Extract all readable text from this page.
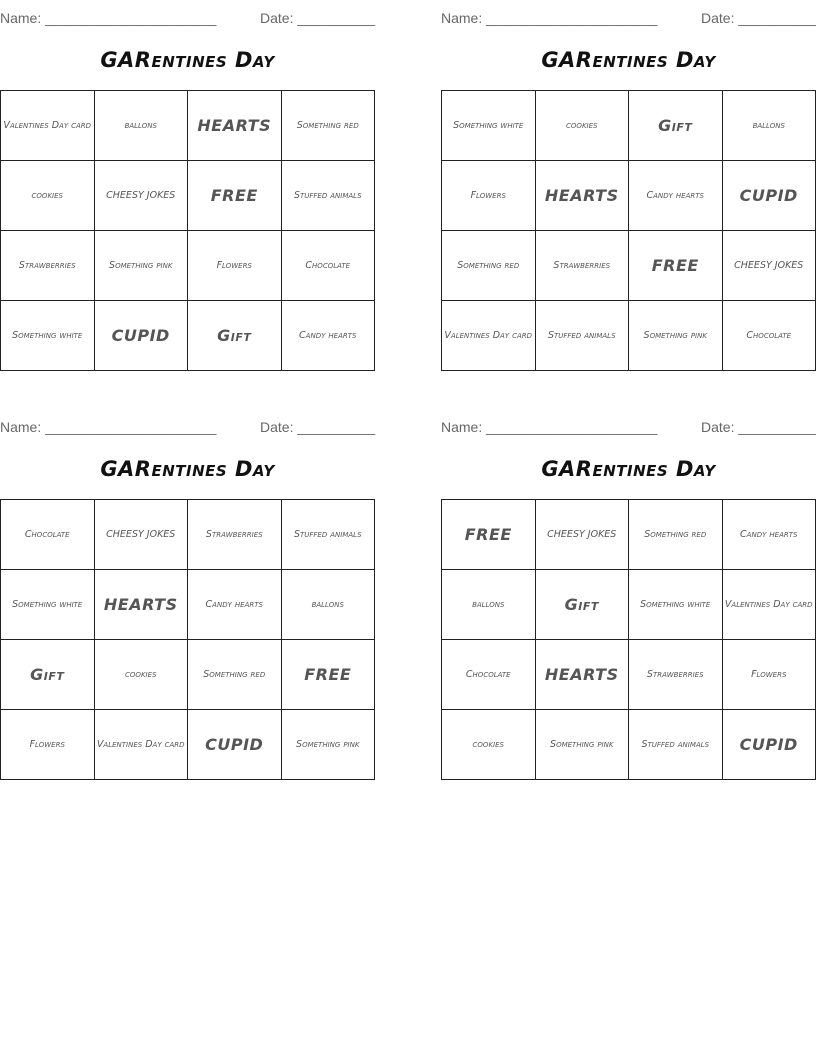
Name: ______________________	Date: __________
GARentines Day
Valentines Day card	ballons	HEARTS	Something red
cookies	CHEESY JOKES	FREE	Stuffed animals
Strawberries	Something pink	Flowers	Chocolate
Something white	CUPID	Gift	Candy hearts
Name: ______________________	Date: __________
GARentines Day
Something white	cookies	Gift	ballons
Flowers	HEARTS	Candy hearts	CUPID
Something red	Strawberries	FREE	CHEESY JOKES
Valentines Day card	Stuffed animals	Something pink	Chocolate
Name: ______________________	Date: __________
GARentines Day
Chocolate	CHEESY JOKES	Strawberries	Stuffed animals
Something white	HEARTS	Candy hearts	ballons
Gift	cookies	Something red	FREE
Flowers	Valentines Day card	CUPID	Something pink
Name: ______________________	Date: __________
GARentines Day
FREE	CHEESY JOKES	Something red	Candy hearts
ballons	Gift	Something white	Valentines Day card
Chocolate	HEARTS	Strawberries	Flowers
cookies	Something pink	Stuffed animals	CUPID
